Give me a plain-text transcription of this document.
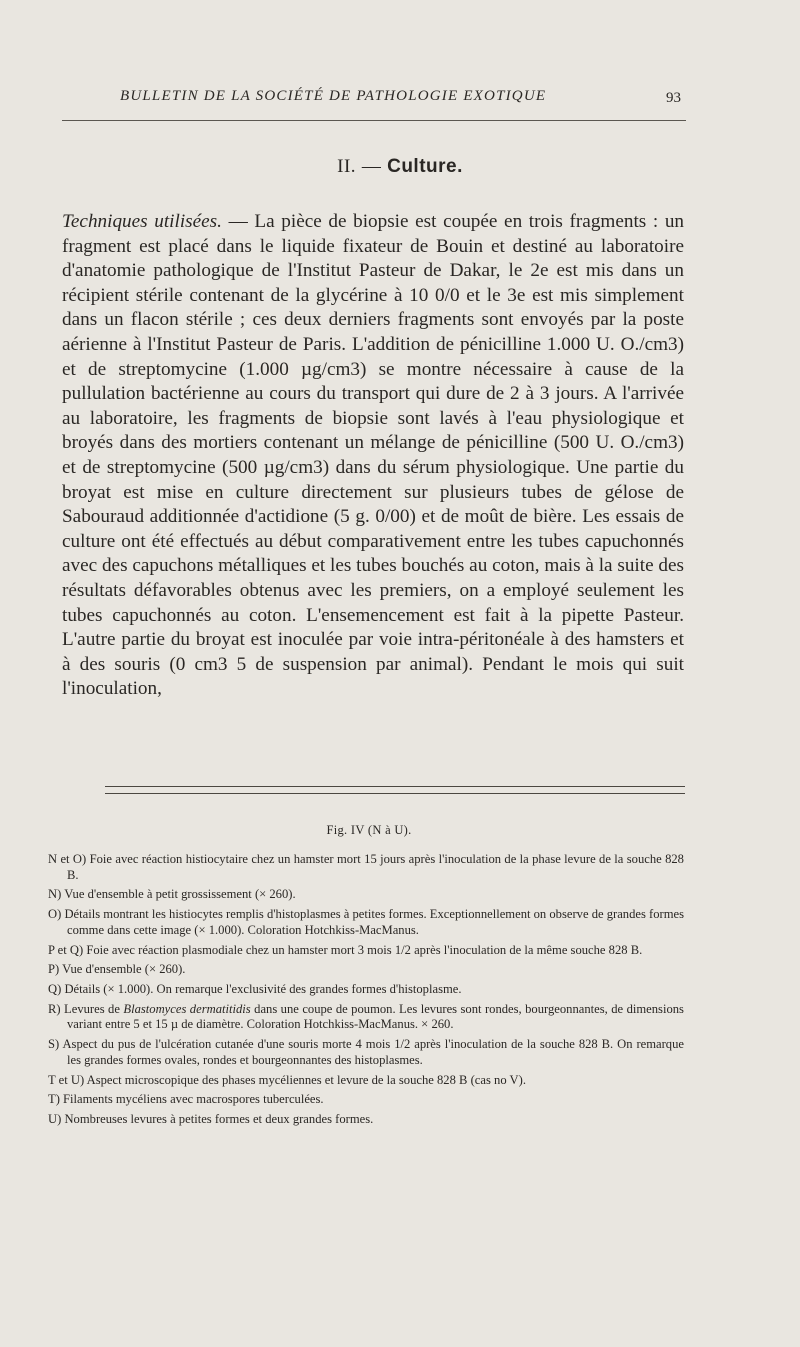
BULLETIN DE LA SOCIÉTÉ DE PATHOLOGIE EXOTIQUE	93
II. — Culture.

Techniques utilisées. — La pièce de biopsie est coupée en trois fragments : un fragment est placé dans le liquide fixateur de Bouin et destiné au laboratoire d'anatomie pathologique de l'Institut Pasteur de Dakar, le 2e est mis dans un récipient stérile contenant de la glycérine à 10 0/0 et le 3e est mis simplement dans un flacon stérile ; ces deux derniers fragments sont envoyés par la poste aérienne à l'Institut Pasteur de Paris. L'addition de pénicilline 1.000 U. O./cm3) et de streptomycine (1.000 µg/cm3) se montre nécessaire à cause de la pullulation bactérienne au cours du transport qui dure de 2 à 3 jours. A l'arrivée au laboratoire, les fragments de biopsie sont lavés à l'eau physiologique et broyés dans des mortiers contenant un mélange de pénicilline (500 U. O./cm3) et de streptomycine (500 µg/cm3) dans du sérum physiologique. Une partie du broyat est mise en culture directement sur plusieurs tubes de gélose de Sabouraud additionnée d'actidione (5 g. 0/00) et de moût de bière. Les essais de culture ont été effectués au début comparativement entre les tubes capuchonnés avec des capuchons métalliques et les tubes bouchés au coton, mais à la suite des résultats défavorables obtenus avec les premiers, on a employé seulement les tubes capuchonnés au coton. L'ensemencement est fait à la pipette Pasteur. L'autre partie du broyat est inoculée par voie intra-péritonéale à des hamsters et à des souris (0 cm3 5 de suspension par animal). Pendant le mois qui suit l'inoculation,

Fig. IV (N à U).

N et O) Foie avec réaction histiocytaire chez un hamster mort 15 jours après l'inoculation de la phase levure de la souche 828 B.

N) Vue d'ensemble à petit grossissement (× 260).

O) Détails montrant les histiocytes remplis d'histoplasmes à petites formes. Exceptionnellement on observe de grandes formes comme dans cette image (× 1.000). Coloration Hotchkiss-MacManus.

P et Q) Foie avec réaction plasmodiale chez un hamster mort 3 mois 1/2 après l'inoculation de la même souche 828 B.

P) Vue d'ensemble (× 260).

Q) Détails (× 1.000). On remarque l'exclusivité des grandes formes d'histoplasme.

R) Levures de Blastomyces dermatitidis dans une coupe de poumon. Les levures sont rondes, bourgeonnantes, de dimensions variant entre 5 et 15 µ de diamètre. Coloration Hotchkiss-MacManus. × 260.

S) Aspect du pus de l'ulcération cutanée d'une souris morte 4 mois 1/2 après l'inoculation de la souche 828 B. On remarque les grandes formes ovales, rondes et bourgeonnantes des histoplasmes.

T et U) Aspect microscopique des phases mycéliennes et levure de la souche 828 B (cas no V).

T) Filaments mycéliens avec macrospores tuberculées.

U) Nombreuses levures à petites formes et deux grandes formes.
